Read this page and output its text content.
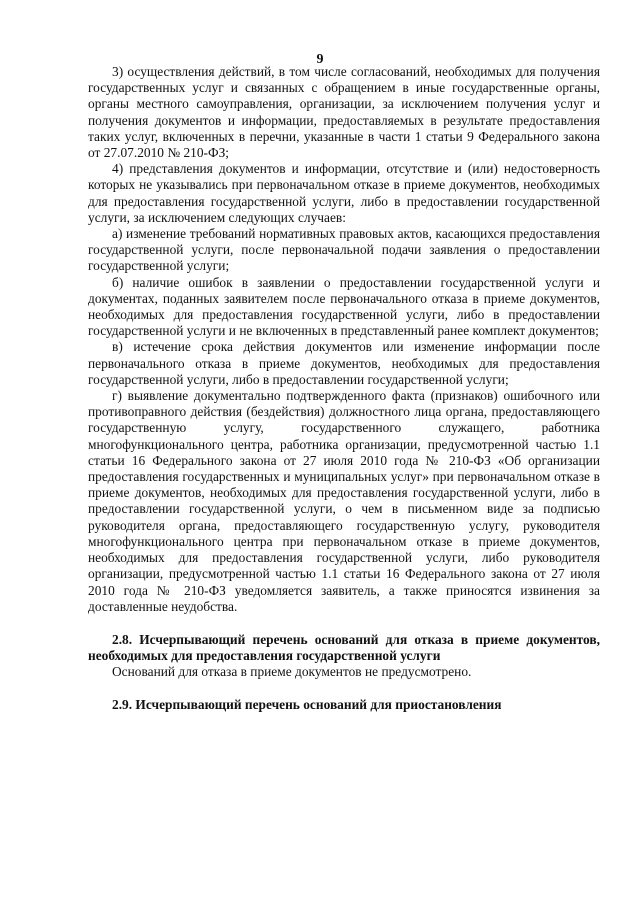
9

3) осуществления действий, в том числе согласований, необходимых для получения государственных услуг и связанных с обращением в иные государственные органы, органы местного самоуправления, организации, за исключением получения услуг и получения документов и информации, предоставляемых в результате предоставления таких услуг, включенных в перечни, указанные в части 1 статьи 9 Федерального закона от 27.07.2010 № 210-ФЗ;

4) представления документов и информации, отсутствие и (или) недостоверность которых не указывались при первоначальном отказе в приеме документов, необходимых для предоставления государственной услуги, либо в предоставлении государственной услуги, за исключением следующих случаев:

а) изменение требований нормативных правовых актов, касающихся предоставления государственной услуги, после первоначальной подачи заявления о предоставлении государственной услуги;

б) наличие ошибок в заявлении о предоставлении государственной услуги и документах, поданных заявителем после первоначального отказа в приеме документов, необходимых для предоставления государственной услуги, либо в предоставлении государственной услуги и не включенных в представленный ранее комплект документов;

в) истечение срока действия документов или изменение информации после первоначального отказа в приеме документов, необходимых для предоставления государственной услуги, либо в предоставлении государственной услуги;

г) выявление документально подтвержденного факта (признаков) ошибочного или противоправного действия (бездействия) должностного лица органа, предоставляющего государственную услугу, государственного служащего, работника многофункционального центра, работника организации, предусмотренной частью 1.1 статьи 16 Федерального закона от 27 июля 2010 года № 210-ФЗ «Об организации предоставления государственных и муниципальных услуг» при первоначальном отказе в приеме документов, необходимых для предоставления государственной услуги, либо в предоставлении государственной услуги, о чем в письменном виде за подписью руководителя органа, предоставляющего государственную услугу, руководителя многофункционального центра при первоначальном отказе в приеме документов, необходимых для предоставления государственной услуги, либо руководителя организации, предусмотренной частью 1.1 статьи 16 Федерального закона от 27 июля 2010 года № 210-ФЗ уведомляется заявитель, а также приносятся извинения за доставленные неудобства.

2.8. Исчерпывающий перечень оснований для отказа в приеме документов, необходимых для предоставления государственной услуги

Оснований для отказа в приеме документов не предусмотрено.

2.9. Исчерпывающий перечень оснований для приостановления
